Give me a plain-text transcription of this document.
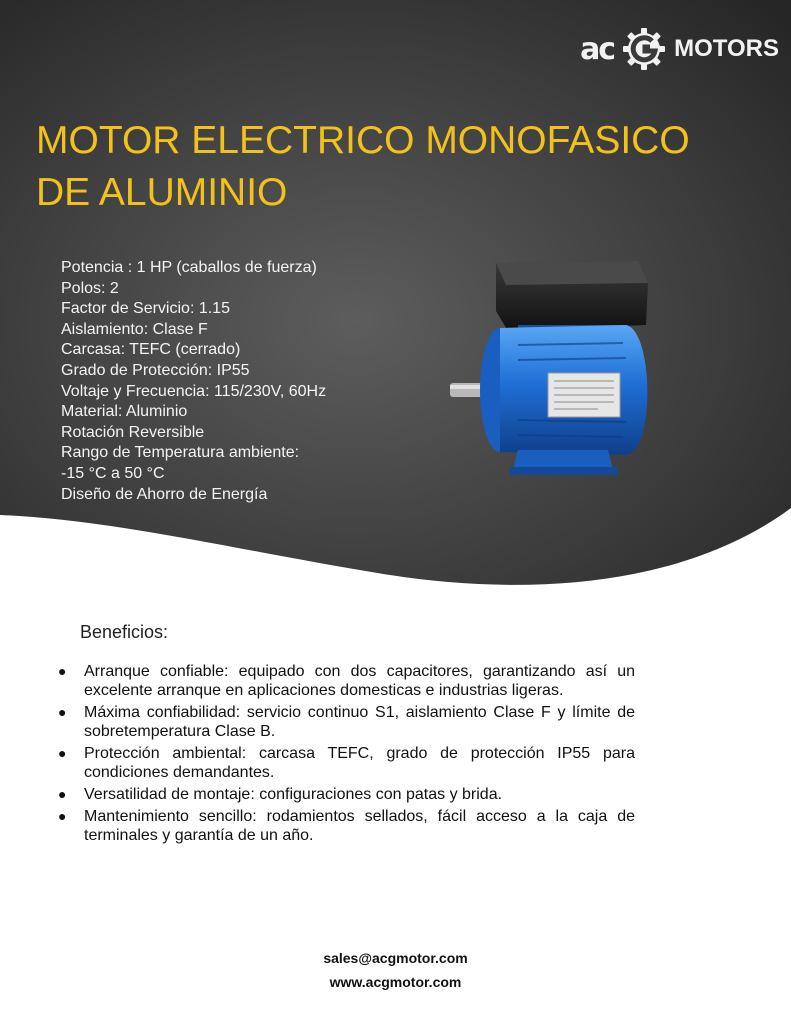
ac	MOTORS
MOTOR ELECTRICO MONOFASICO
DE ALUMINIO
Potencia : 1 HP (caballos de fuerza)
Polos: 2
Factor de Servicio: 1.15
Aislamiento: Clase F
Carcasa: TEFC (cerrado)
Grado de Protección: IP55
Voltaje y Frecuencia: 115/230V, 60Hz
Material: Aluminio
Rotación Reversible
Rango de Temperatura ambiente:
-15 °C a 50 °C
Diseño de Ahorro de Energía
Beneficios:
● Arranque confiable: equipado con dos capacitores, garantizando así un excelente arranque en aplicaciones domesticas e industrias ligeras.
● Máxima confiabilidad: servicio continuo S1, aislamiento Clase F y límite de sobretemperatura Clase B.
● Protección ambiental: carcasa TEFC, grado de protección IP55 para condiciones demandantes.
● Versatilidad de montaje: configuraciones con patas y brida.
● Mantenimiento sencillo: rodamientos sellados, fácil acceso a la caja de terminales y garantía de un año.
sales@acgmotor.com
www.acgmotor.com
